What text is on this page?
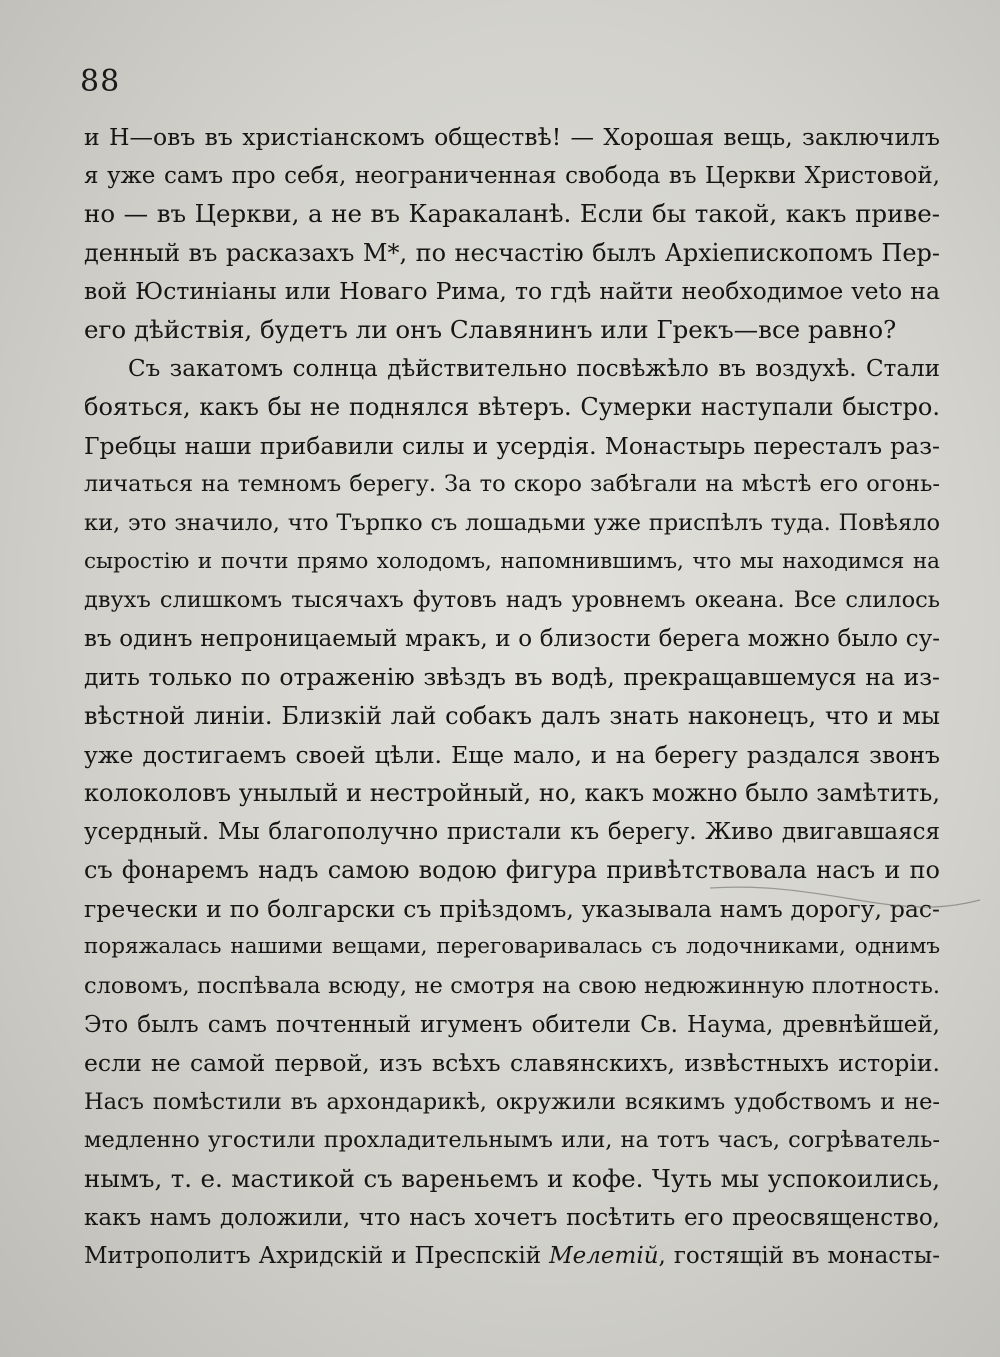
88
и Н—овъ въ христіанскомъ обществѣ! — Хорошая вещь, заключилъ
я уже самъ про себя, неограниченная свобода въ Церкви Христовой,
но — въ Церкви, а не въ Каракаланѣ. Если бы такой, какъ приве-
денный въ расказахъ М*, по несчастію былъ Архіепископомъ Пер-
вой Юстиніаны или Новаго Рима, то гдѣ найти необходимое veto на
его дѣйствія, будетъ ли онъ Славянинъ или Грекъ—все равно?
Съ закатомъ солнца дѣйствительно посвѣжѣло въ воздухѣ. Стали
бояться, какъ бы не поднялся вѣтеръ. Сумерки наступали быстро.
Гребцы наши прибавили силы и усердія. Монастырь пересталъ раз-
личаться на темномъ берегу. За то скоро забѣгали на мѣстѣ его огонь-
ки, это значило, что Търпко съ лошадьми уже приспѣлъ туда. Повѣяло
сыростію и почти прямо холодомъ, напомнившимъ, что мы находимся на
двухъ слишкомъ тысячахъ футовъ надъ уровнемъ океана. Все слилось
въ одинъ непроницаемый мракъ, и о близости берега можно было су-
дить только по отраженію звѣздъ въ водѣ, прекращавшемуся на из-
вѣстной линіи. Близкій лай собакъ далъ знать наконецъ, что и мы
уже достигаемъ своей цѣли. Еще мало, и на берегу раздался звонъ
колоколовъ унылый и нестройный, но, какъ можно было замѣтить,
усердный. Мы благополучно пристали къ берегу. Живо двигавшаяся
съ фонаремъ надъ самою водою фигура привѣтствовала насъ и по
гречески и по болгарски съ пріѣздомъ, указывала намъ дорогу, рас-
поряжалась нашими вещами, переговаривалась съ лодочниками, однимъ
словомъ, поспѣвала всюду, не смотря на свою недюжинную плотность.
Это былъ самъ почтенный игуменъ обители Св. Наума, древнѣйшей,
если не самой первой, изъ всѣхъ славянскихъ, извѣстныхъ исторіи.
Насъ помѣстили въ архондарикѣ, окружили всякимъ удобствомъ и не-
медленно угостили прохладительнымъ или, на тотъ часъ, согрѣватель-
нымъ, т. е. мастикой съ вареньемъ и кофе. Чуть мы успокоились,
какъ намъ доложили, что насъ хочетъ посѣтить его преосвященство,
Митрополитъ Ахридскій и Преспскій Мелетій, гостящій въ монасты-
